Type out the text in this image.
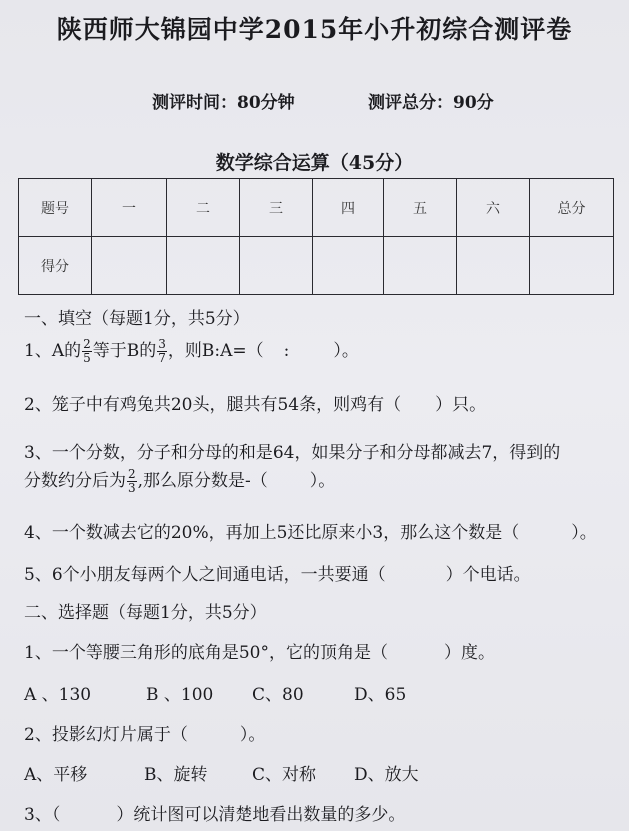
陕西师大锦园中学2015年小升初综合测评卷
测评时间：80分钟	测评总分：90分
数学综合运算（45分）
题号	一	二	三	四	五	六	总分
得分							
一、填空（每题1分，共5分）
1、A的 $\frac{2}{5}$ 等于B的 $\frac{3}{7}$ ，则B:A=（ :	）。
2、笼子中有鸡兔共20头，腿共有54条，则鸡有（ ）只。
3、一个分数，分子和分母的和是64，如果分子和分母都减去7，得到的
分数约分后为 $\frac{2}{3}$ ,那么原分数是-（ ）。
4、一个数减去它的20%，再加上5还比原来小3，那么这个数是（	）。
5、6个小朋友每两个人之间通电话，一共要通（	）个电话。
二、选择题（每题1分，共5分）
1、一个等腰三角形的底角是50°，它的顶角是（	）度。
A 、130	B 、100 C、80	D、65
2、投影幻灯片属于（	）。
A、平移	B、旋转	C、对称 D、放大
3、（	）统计图可以清楚地看出数量的多少。
